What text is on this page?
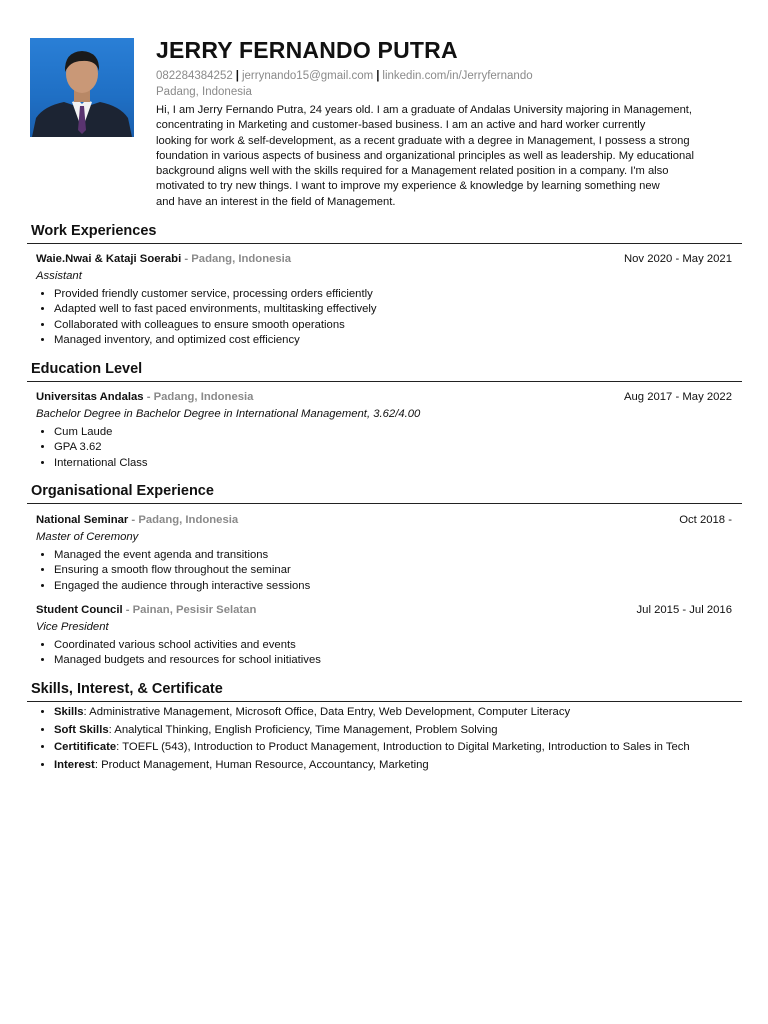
JERRY FERNANDO PUTRA
082284384252 | jerrynando15@gmail.com | linkedin.com/in/Jerryfernando
Padang, Indonesia
Hi, I am Jerry Fernando Putra, 24 years old. I am a graduate of Andalas University majoring in Management,
concentrating in Marketing and customer-based business. I am an active and hard worker currently
looking for work & self-development, as a recent graduate with a degree in Management, I possess a strong
foundation in various aspects of business and organizational principles as well as leadership. My educational
background aligns well with the skills required for a Management related position in a company. I'm also
motivated to try new things. I want to improve my experience & knowledge by learning something new
and have an interest in the field of Management.
Work Experiences
Waie.Nwai & Kataji Soerabi - Padang, Indonesia	Nov 2020 - May 2021
Assistant
• Provided friendly customer service, processing orders efficiently
• Adapted well to fast paced environments, multitasking effectively
• Collaborated with colleagues to ensure smooth operations
• Managed inventory, and optimized cost efficiency
Education Level
Universitas Andalas - Padang, Indonesia	Aug 2017 - May 2022
Bachelor Degree in Bachelor Degree in International Management, 3.62/4.00
• Cum Laude
• GPA 3.62
• International Class
Organisational Experience
National Seminar - Padang, Indonesia	Oct 2018 -
Master of Ceremony
• Managed the event agenda and transitions
• Ensuring a smooth flow throughout the seminar
• Engaged the audience through interactive sessions
Student Council - Painan, Pesisir Selatan	Jul 2015 - Jul 2016
Vice President
• Coordinated various school activities and events
• Managed budgets and resources for school initiatives
Skills, Interest, & Certificate
• Skills: Administrative Management, Microsoft Office, Data Entry, Web Development, Computer Literacy
• Soft Skills: Analytical Thinking, English Proficiency, Time Management, Problem Solving
• Certitificate: TOEFL (543), Introduction to Product Management, Introduction to Digital Marketing, Introduction to Sales in Tech
• Interest: Product Management, Human Resource, Accountancy, Marketing
